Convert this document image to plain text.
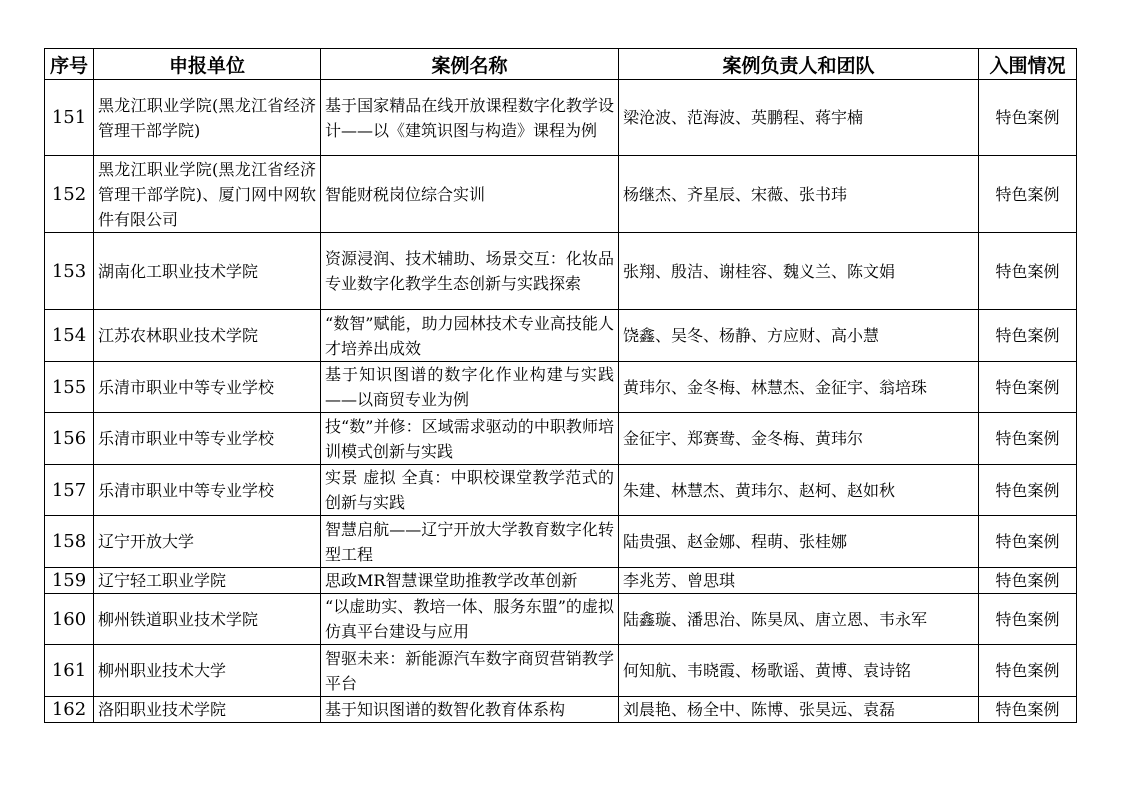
序号	申报单位	案例名称	案例负责人和团队	入围情况
151	黑龙江职业学院(黑龙江省经济管理干部学院)	基于国家精品在线开放课程数字化教学设计——以《建筑识图与构造》课程为例	梁沧波、范海波、英鹏程、蒋宇楠	特色案例
152	黑龙江职业学院(黑龙江省经济管理干部学院)、厦门网中网软件有限公司	智能财税岗位综合实训	杨继杰、齐星辰、宋薇、张书玮	特色案例
153	湖南化工职业技术学院	资源浸润、技术辅助、场景交互：化妆品专业数字化教学生态创新与实践探索	张翔、殷洁、谢桂容、魏义兰、陈文娟	特色案例
154	江苏农林职业技术学院	“数智”赋能，助力园林技术专业高技能人才培养出成效	饶鑫、吴冬、杨静、方应财、高小慧	特色案例
155	乐清市职业中等专业学校	基于知识图谱的数字化作业构建与实践——以商贸专业为例	黄玮尔、金冬梅、林慧杰、金征宇、翁培珠	特色案例
156	乐清市职业中等专业学校	技“数”并修：区域需求驱动的中职教师培训模式创新与实践	金征宇、郑赛鸯、金冬梅、黄玮尔	特色案例
157	乐清市职业中等专业学校	实景 虚拟 全真：中职校课堂教学范式的创新与实践	朱建、林慧杰、黄玮尔、赵柯、赵如秋	特色案例
158	辽宁开放大学	智慧启航——辽宁开放大学教育数字化转型工程	陆贵强、赵金娜、程萌、张桂娜	特色案例
159	辽宁轻工职业学院	思政MR智慧课堂助推教学改革创新	李兆芳、曾思琪	特色案例
160	柳州铁道职业技术学院	“以虚助实、教培一体、服务东盟”的虚拟仿真平台建设与应用	陆鑫璇、潘思治、陈昊凤、唐立恩、韦永军	特色案例
161	柳州职业技术大学	智驱未来：新能源汽车数字商贸营销教学平台	何知航、韦晓霞、杨歌谣、黄博、袁诗铭	特色案例
162	洛阳职业技术学院	基于知识图谱的数智化教育体系构	刘晨艳、杨全中、陈博、张昊远、袁磊	特色案例
